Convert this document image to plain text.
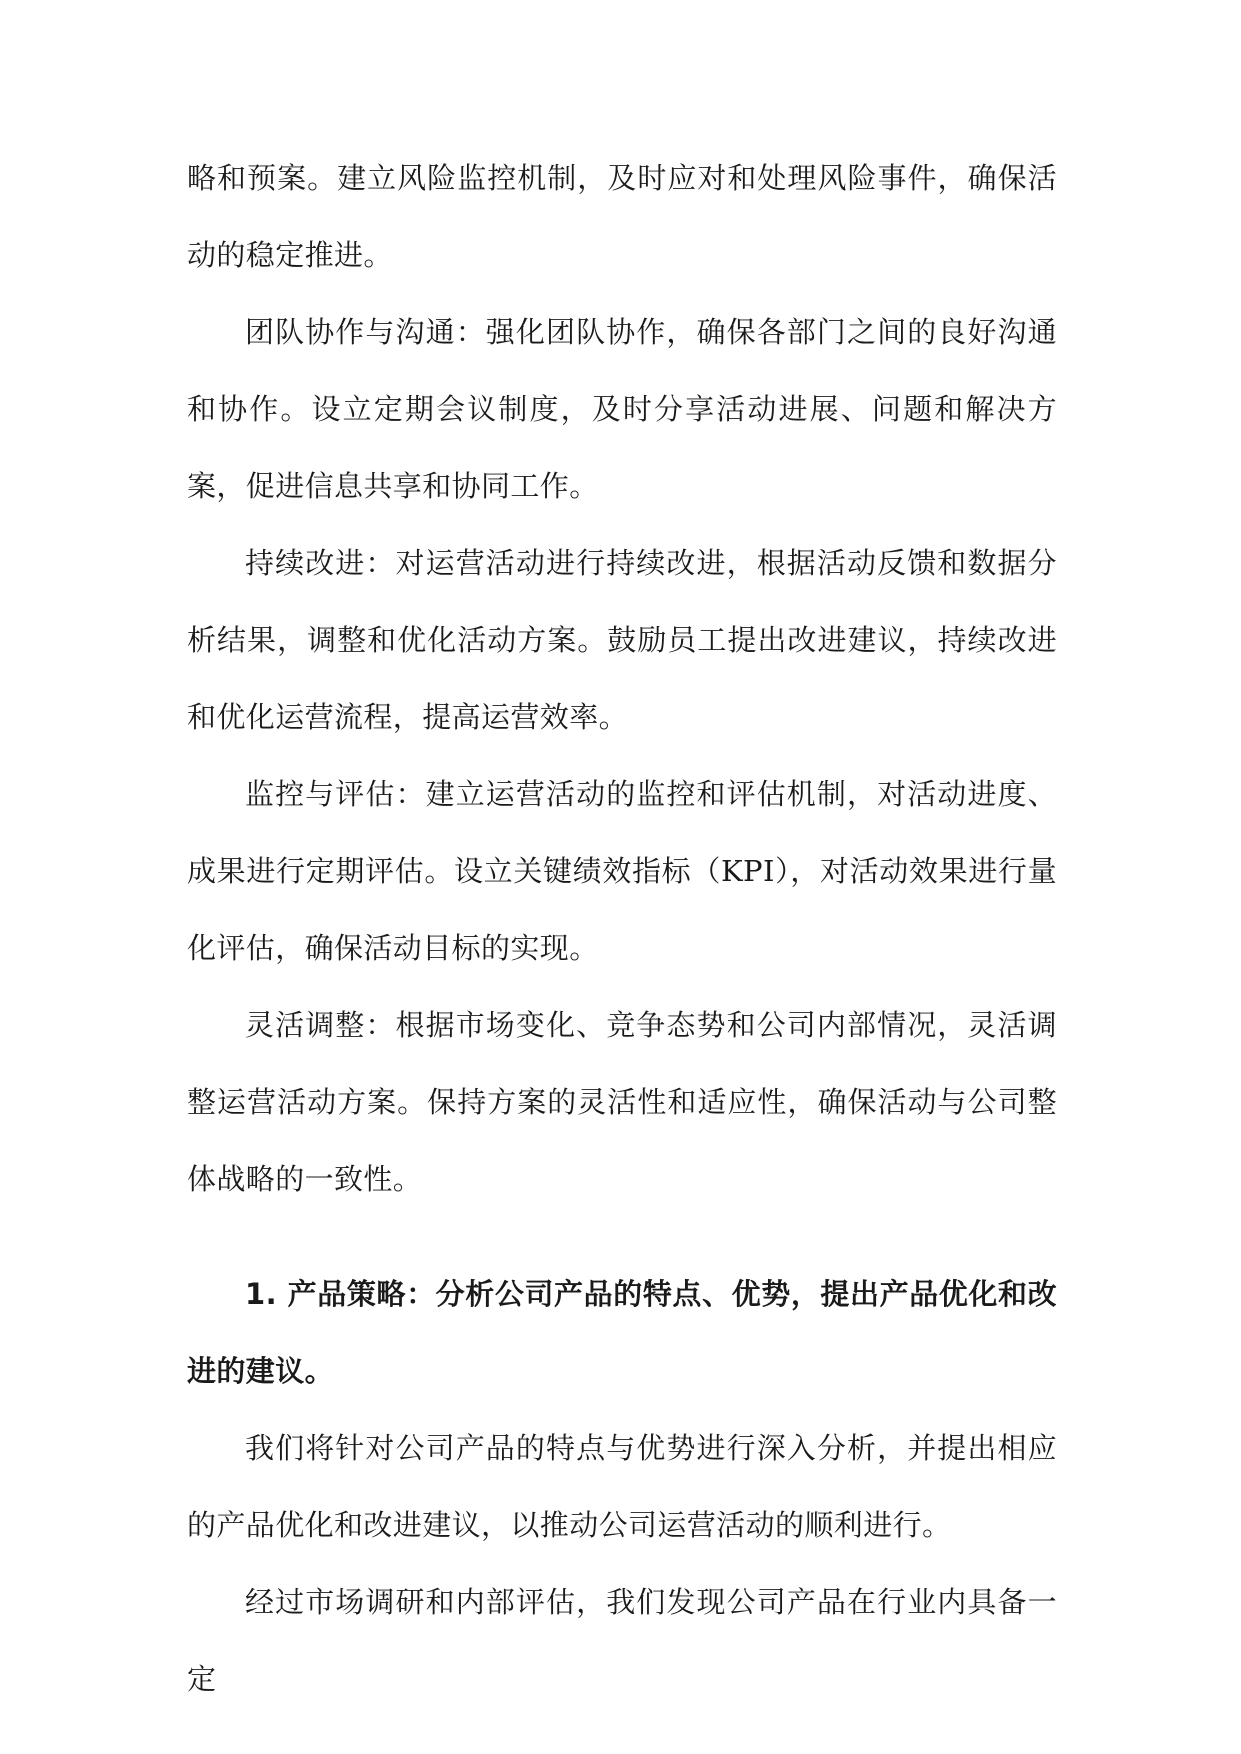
略和预案。建立风险监控机制，及时应对和处理风险事件，确保活动的稳定推进。

团队协作与沟通：强化团队协作，确保各部门之间的良好沟通和协作。设立定期会议制度，及时分享活动进展、问题和解决方案，促进信息共享和协同工作。

持续改进：对运营活动进行持续改进，根据活动反馈和数据分析结果，调整和优化活动方案。鼓励员工提出改进建议，持续改进和优化运营流程，提高运营效率。

监控与评估：建立运营活动的监控和评估机制，对活动进度、成果进行定期评估。设立关键绩效指标（KPI），对活动效果进行量化评估，确保活动目标的实现。

灵活调整：根据市场变化、竞争态势和公司内部情况，灵活调整运营活动方案。保持方案的灵活性和适应性，确保活动与公司整体战略的一致性。

1. 产品策略：分析公司产品的特点、优势，提出产品优化和改进的建议。

我们将针对公司产品的特点与优势进行深入分析，并提出相应的产品优化和改进建议，以推动公司运营活动的顺利进行。

经过市场调研和内部评估，我们发现公司产品在行业内具备一定
